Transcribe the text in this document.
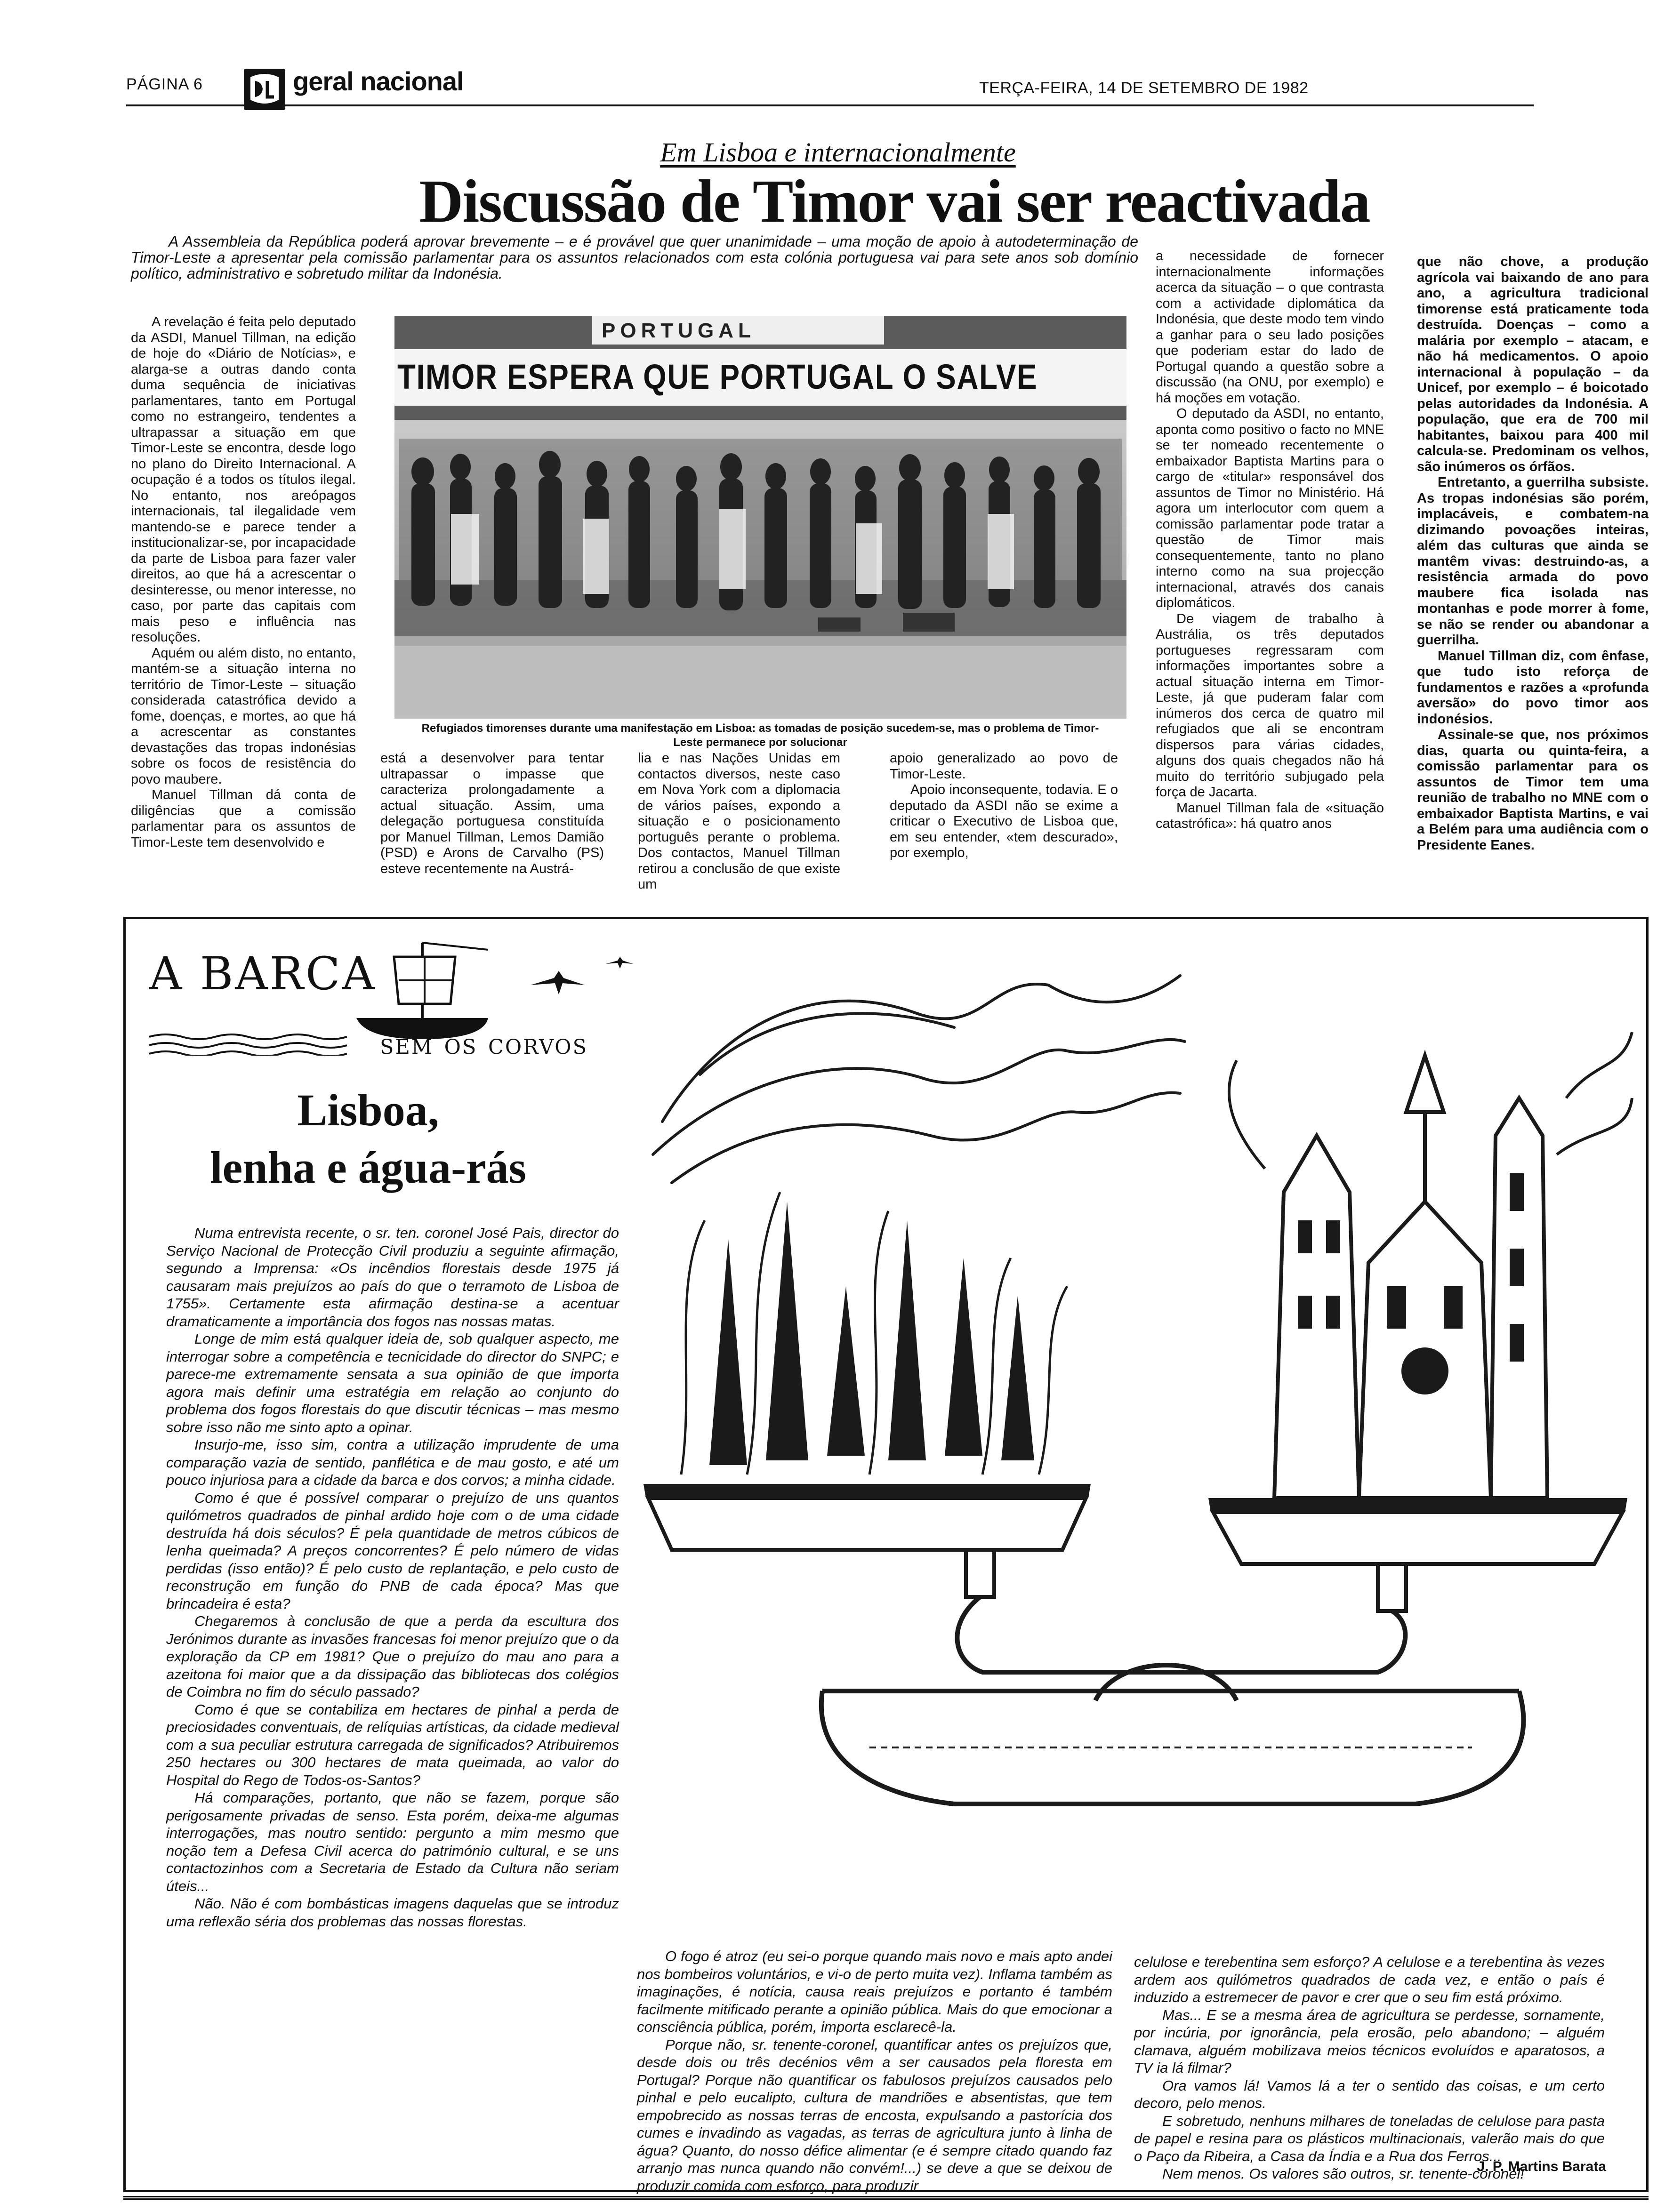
PÁGINA 6	geral nacional	TERÇA-FEIRA, 14 DE SETEMBRO DE 1982
Em Lisboa e internacionalmente
Discussão de Timor vai ser reactivada
A Assembleia da República poderá aprovar brevemente – e é provável que quer unanimidade – uma moção de apoio à autodeterminação de Timor-Leste a apresentar pela comissão parlamentar para os assuntos relacionados com esta colónia portuguesa vai para sete anos sob domínio político, administrativo e sobretudo militar da Indonésia.

A revelação é feita pelo deputado da ASDI, Manuel Tillman, na edição de hoje do «Diário de Notícias», e alarga-se a outras dando conta duma sequência de iniciativas parlamentares, tanto em Portugal como no estrangeiro, tendentes a ultrapassar a situação em que Timor-Leste se encontra, desde logo no plano do Direito Internacional. A ocupação é a todos os títulos ilegal. No entanto, nos areópagos internacionais, tal ilegalidade vem mantendo-se e parece tender a institucionalizar-se, por incapacidade da parte de Lisboa para fazer valer direitos, ao que há a acrescentar o desinteresse, ou menor interesse, no caso, por parte das capitais com mais peso e influência nas resoluções.

Aquém ou além disto, no entanto, mantém-se a situação interna no território de Timor-Leste – situação considerada catastrófica devido a fome, doenças, e mortes, ao que há a acrescentar as constantes devastações das tropas indonésias sobre os focos de resistência do povo maubere.

Manuel Tillman dá conta de diligências que a comissão parlamentar para os assuntos de Timor-Leste tem desenvolvido e

PORTUGAL
TIMOR ESPERA QUE PORTUGAL O SALVE
Refugiados timorenses durante uma manifestação em Lisboa: as tomadas de posição sucedem-se, mas o problema de Timor-Leste permanece por solucionar

está a desenvolver para tentar ultrapassar o impasse que caracteriza prolongadamente a actual situação. Assim, uma delegação portuguesa constituída por Manuel Tillman, Lemos Damião (PSD) e Arons de Carvalho (PS) esteve recentemente na Austrá-

lia e nas Nações Unidas em contactos diversos, neste caso em Nova York com a diplomacia de vários países, expondo a situação e o posicionamento português perante o problema. Dos contactos, Manuel Tillman retirou a conclusão de que existe um

apoio generalizado ao povo de Timor-Leste.

Apoio inconsequente, todavia. E o deputado da ASDI não se exime a criticar o Executivo de Lisboa que, em seu entender, «tem descurado», por exemplo,

a necessidade de fornecer internacionalmente informações acerca da situação – o que contrasta com a actividade diplomática da Indonésia, que deste modo tem vindo a ganhar para o seu lado posições que poderiam estar do lado de Portugal quando a questão sobre a discussão (na ONU, por exemplo) e há moções em votação.

O deputado da ASDI, no entanto, aponta como positivo o facto no MNE se ter nomeado recentemente o embaixador Baptista Martins para o cargo de «titular» responsável dos assuntos de Timor no Ministério. Há agora um interlocutor com quem a comissão parlamentar pode tratar a questão de Timor mais consequentemente, tanto no plano interno como na sua projecção internacional, através dos canais diplomáticos.

De viagem de trabalho à Austrália, os três deputados portugueses regressaram com informações importantes sobre a actual situação interna em Timor-Leste, já que puderam falar com inúmeros dos cerca de quatro mil refugiados que ali se encontram dispersos para várias cidades, alguns dos quais chegados não há muito do território subjugado pela força de Jacarta.

Manuel Tillman fala de «situação catastrófica»: há quatro anos

que não chove, a produção agrícola vai baixando de ano para ano, a agricultura tradicional timorense está praticamente toda destruída. Doenças – como a malária por exemplo – atacam, e não há medicamentos. O apoio internacional à população – da Unicef, por exemplo – é boicotado pelas autoridades da Indonésia. A população, que era de 700 mil habitantes, baixou para 400 mil calcula-se. Predominam os velhos, são inúmeros os órfãos.

Entretanto, a guerrilha subsiste. As tropas indonésias são porém, implacáveis, e combatem-na dizimando povoações inteiras, além das culturas que ainda se mantêm vivas: destruindo-as, a resistência armada do povo maubere fica isolada nas montanhas e pode morrer à fome, se não se render ou abandonar a guerrilha.

Manuel Tillman diz, com ênfase, que tudo isto reforça de fundamentos e razões a «profunda aversão» do povo timor aos indonésios.

Assinale-se que, nos próximos dias, quarta ou quinta-feira, a comissão parlamentar para os assuntos de Timor tem uma reunião de trabalho no MNE com o embaixador Baptista Martins, e vai a Belém para uma audiência com o Presidente Eanes.

A BARCA
sem os corvos
Lisboa,
lenha e água-rás

Numa entrevista recente, o sr. ten. coronel José Pais, director do Serviço Nacional de Protecção Civil produziu a seguinte afirmação, segundo a Imprensa: «Os incêndios florestais desde 1975 já causaram mais prejuízos ao país do que o terramoto de Lisboa de 1755». Certamente esta afirmação destina-se a acentuar dramaticamente a importância dos fogos nas nossas matas.

Longe de mim está qualquer ideia de, sob qualquer aspecto, me interrogar sobre a competência e tecnicidade do director do SNPC; e parece-me extremamente sensata a sua opinião de que importa agora mais definir uma estratégia em relação ao conjunto do problema dos fogos florestais do que discutir técnicas – mas mesmo sobre isso não me sinto apto a opinar.

Insurjo-me, isso sim, contra a utilização imprudente de uma comparação vazia de sentido, panflética e de mau gosto, e até um pouco injuriosa para a cidade da barca e dos corvos; a minha cidade.

Como é que é possível comparar o prejuízo de uns quantos quilómetros quadrados de pinhal ardido hoje com o de uma cidade destruída há dois séculos? É pela quantidade de metros cúbicos de lenha queimada? A preços concorrentes? É pelo número de vidas perdidas (isso então)? É pelo custo de replantação, e pelo custo de reconstrução em função do PNB de cada época? Mas que brincadeira é esta?

Chegaremos à conclusão de que a perda da escultura dos Jerónimos durante as invasões francesas foi menor prejuízo que o da exploração da CP em 1981? Que o prejuízo do mau ano para a azeitona foi maior que a da dissipação das bibliotecas dos colégios de Coimbra no fim do século passado?

Como é que se contabiliza em hectares de pinhal a perda de preciosidades conventuais, de relíquias artísticas, da cidade medieval com a sua peculiar estrutura carregada de significados? Atribuiremos 250 hectares ou 300 hectares de mata queimada, ao valor do Hospital do Rego de Todos-os-Santos?

Há comparações, portanto, que não se fazem, porque são perigosamente privadas de senso. Esta porém, deixa-me algumas interrogações, mas noutro sentido: pergunto a mim mesmo que noção tem a Defesa Civil acerca do património cultural, e se uns contactozinhos com a Secretaria de Estado da Cultura não seriam úteis...

Não. Não é com bombásticas imagens daquelas que se introduz uma reflexão séria dos problemas das nossas florestas.

O fogo é atroz (eu sei-o porque quando mais novo e mais apto andei nos bombeiros voluntários, e vi-o de perto muita vez). Inflama também as imaginações, é notícia, causa reais prejuízos e portanto é também facilmente mitificado perante a opinião pública. Mais do que emocionar a consciência pública, porém, importa esclarecê-la.

Porque não, sr. tenente-coronel, quantificar antes os prejuízos que, desde dois ou três decénios vêm a ser causados pela floresta em Portugal? Porque não quantificar os fabulosos prejuízos causados pelo pinhal e pelo eucalipto, cultura de mandriões e absentistas, que tem empobrecido as nossas terras de encosta, expulsando a pastorícia dos cumes e invadindo as vagadas, as terras de agricultura junto à linha de água? Quanto, do nosso défice alimentar (e é sempre citado quando faz arranjo mas nunca quando não convém!...) se deve a que se deixou de produzir comida com esforço, para produzir

celulose e terebentina sem esforço? A celulose e a terebentina às vezes ardem aos quilómetros quadrados de cada vez, e então o país é induzido a estremecer de pavor e crer que o seu fim está próximo.

Mas... E se a mesma área de agricultura se perdesse, sornamente, por incúria, por ignorância, pela erosão, pelo abandono; – alguém clamava, alguém mobilizava meios técnicos evoluídos e aparatosos, a TV ia lá filmar?

Ora vamos lá! Vamos lá a ter o sentido das coisas, e um certo decoro, pelo menos.

E sobretudo, nenhuns milhares de toneladas de celulose para pasta de papel e resina para os plásticos multinacionais, valerão mais do que o Paço da Ribeira, a Casa da Índia e a Rua dos Ferros...

Nem menos. Os valores são outros, sr. tenente-coronel!

J. P. Martins Barata
